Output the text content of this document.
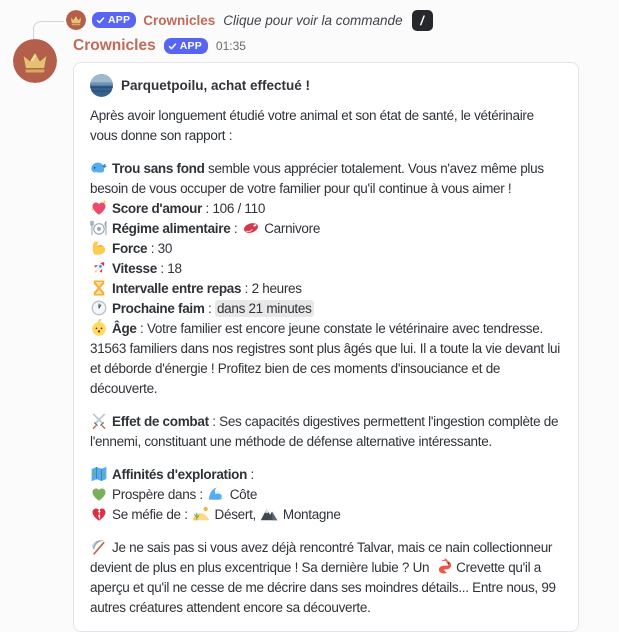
APP Crownicles Clique pour voir la commande	/
Crownicles APP 01:35
Parquetpoilu, achat effectué !
Après avoir longuement étudié votre animal et son état de santé, le vétérinaire vous donne son rapport :
Trou sans fond semble vous apprécier totalement. Vous n'avez même plus besoin de vous occuper de votre familier pour qu'il continue à vous aimer !
Score d'amour : 106 / 110
Régime alimentaire :
Carnivore
Force : 30
Vitesse : 18
Intervalle entre repas : 2 heures
Prochaine faim : dans 21 minutes
Âge : Votre familier est encore jeune constate le vétérinaire avec tendresse. 31563 familiers dans nos registres sont plus âgés que lui. Il a toute la vie devant lui et déborde d'énergie ! Profitez bien de ces moments d'insouciance et de découverte.
Effet de combat : Ses capacités digestives permettent l'ingestion complète de l'ennemi, constituant une méthode de défense alternative intéressante.
Affinités d'exploration :
Prospère dans :
Côte
Se méfie de :
Désert,
Montagne
Je ne sais pas si vous avez déjà rencontré Talvar, mais ce nain collectionneur devient de plus en plus excentrique ! Sa dernière lubie ? Un
Crevette qu'il a aperçu et qu'il ne cesse de me décrire dans ses moindres détails... Entre nous, 99 autres créatures attendent encore sa découverte.
